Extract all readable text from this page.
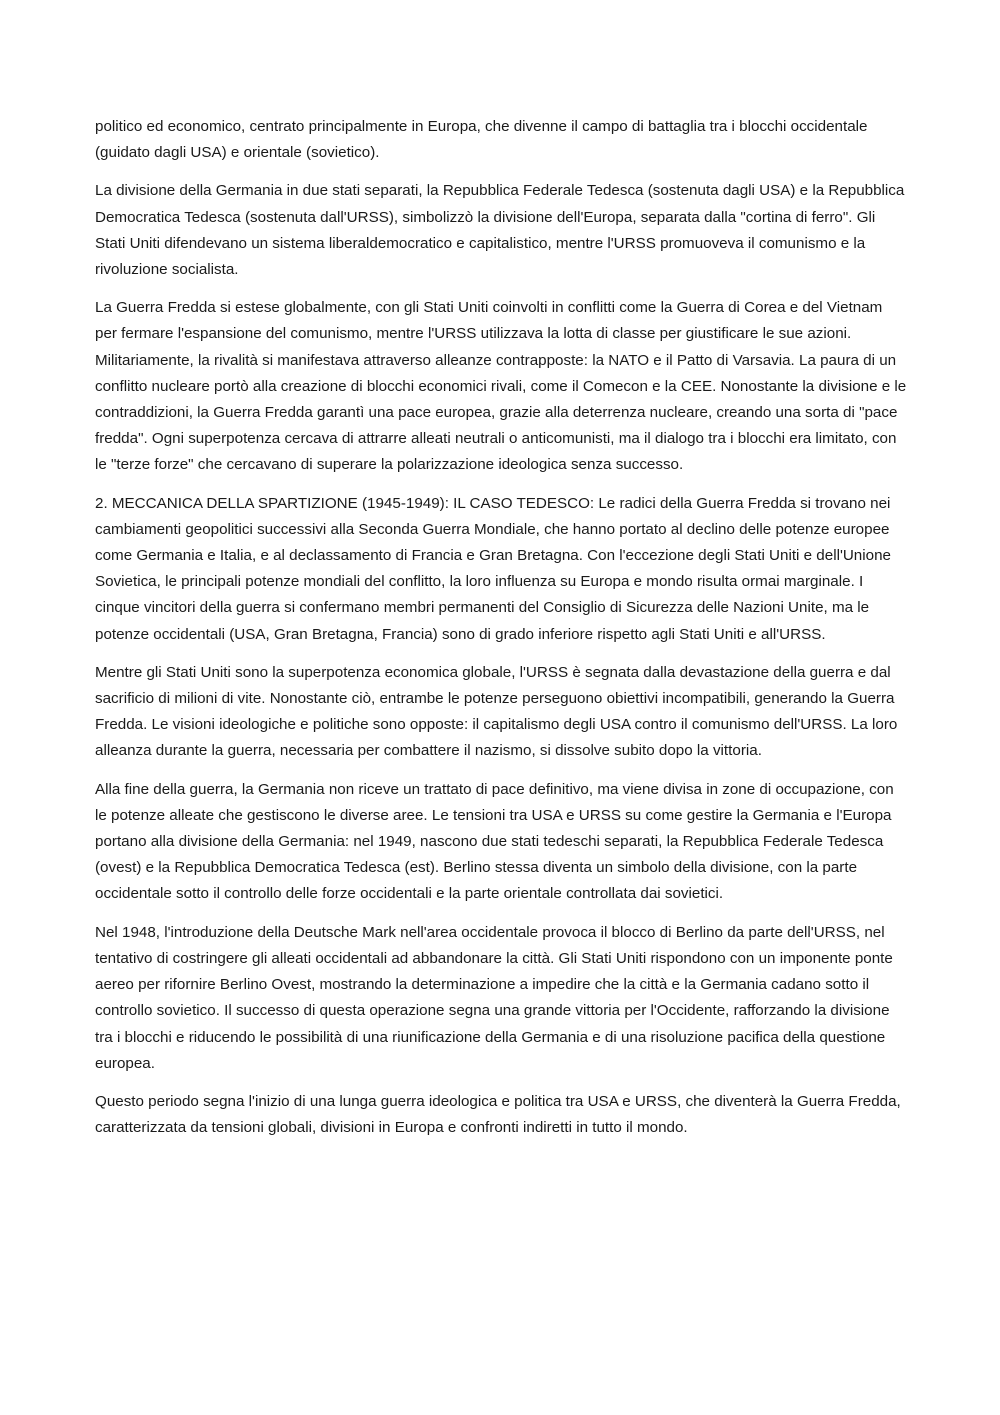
politico ed economico, centrato principalmente in Europa, che divenne il campo di battaglia tra i blocchi occidentale (guidato dagli USA) e orientale (sovietico).

La divisione della Germania in due stati separati, la Repubblica Federale Tedesca (sostenuta dagli USA) e la Repubblica Democratica Tedesca (sostenuta dall'URSS), simbolizzò la divisione dell'Europa, separata dalla "cortina di ferro". Gli Stati Uniti difendevano un sistema liberaldemocratico e capitalistico, mentre l'URSS promuoveva il comunismo e la rivoluzione socialista.

La Guerra Fredda si estese globalmente, con gli Stati Uniti coinvolti in conflitti come la Guerra di Corea e del Vietnam per fermare l'espansione del comunismo, mentre l'URSS utilizzava la lotta di classe per giustificare le sue azioni. Militariamente, la rivalità si manifestava attraverso alleanze contrapposte: la NATO e il Patto di Varsavia. La paura di un conflitto nucleare portò alla creazione di blocchi economici rivali, come il Comecon e la CEE. Nonostante la divisione e le contraddizioni, la Guerra Fredda garantì una pace europea, grazie alla deterrenza nucleare, creando una sorta di "pace fredda". Ogni superpotenza cercava di attrarre alleati neutrali o anticomunisti, ma il dialogo tra i blocchi era limitato, con le "terze forze" che cercavano di superare la polarizzazione ideologica senza successo.

2. MECCANICA DELLA SPARTIZIONE (1945-1949): IL CASO TEDESCO: Le radici della Guerra Fredda si trovano nei cambiamenti geopolitici successivi alla Seconda Guerra Mondiale, che hanno portato al declino delle potenze europee come Germania e Italia, e al declassamento di Francia e Gran Bretagna. Con l'eccezione degli Stati Uniti e dell'Unione Sovietica, le principali potenze mondiali del conflitto, la loro influenza su Europa e mondo risulta ormai marginale. I cinque vincitori della guerra si confermano membri permanenti del Consiglio di Sicurezza delle Nazioni Unite, ma le potenze occidentali (USA, Gran Bretagna, Francia) sono di grado inferiore rispetto agli Stati Uniti e all'URSS.

Mentre gli Stati Uniti sono la superpotenza economica globale, l'URSS è segnata dalla devastazione della guerra e dal sacrificio di milioni di vite. Nonostante ciò, entrambe le potenze perseguono obiettivi incompatibili, generando la Guerra Fredda. Le visioni ideologiche e politiche sono opposte: il capitalismo degli USA contro il comunismo dell'URSS. La loro alleanza durante la guerra, necessaria per combattere il nazismo, si dissolve subito dopo la vittoria.

Alla fine della guerra, la Germania non riceve un trattato di pace definitivo, ma viene divisa in zone di occupazione, con le potenze alleate che gestiscono le diverse aree. Le tensioni tra USA e URSS su come gestire la Germania e l'Europa portano alla divisione della Germania: nel 1949, nascono due stati tedeschi separati, la Repubblica Federale Tedesca (ovest) e la Repubblica Democratica Tedesca (est). Berlino stessa diventa un simbolo della divisione, con la parte occidentale sotto il controllo delle forze occidentali e la parte orientale controllata dai sovietici.

Nel 1948, l'introduzione della Deutsche Mark nell'area occidentale provoca il blocco di Berlino da parte dell'URSS, nel tentativo di costringere gli alleati occidentali ad abbandonare la città. Gli Stati Uniti rispondono con un imponente ponte aereo per rifornire Berlino Ovest, mostrando la determinazione a impedire che la città e la Germania cadano sotto il controllo sovietico. Il successo di questa operazione segna una grande vittoria per l'Occidente, rafforzando la divisione tra i blocchi e riducendo le possibilità di una riunificazione della Germania e di una risoluzione pacifica della questione europea.

Questo periodo segna l'inizio di una lunga guerra ideologica e politica tra USA e URSS, che diventerà la Guerra Fredda, caratterizzata da tensioni globali, divisioni in Europa e confronti indiretti in tutto il mondo.
